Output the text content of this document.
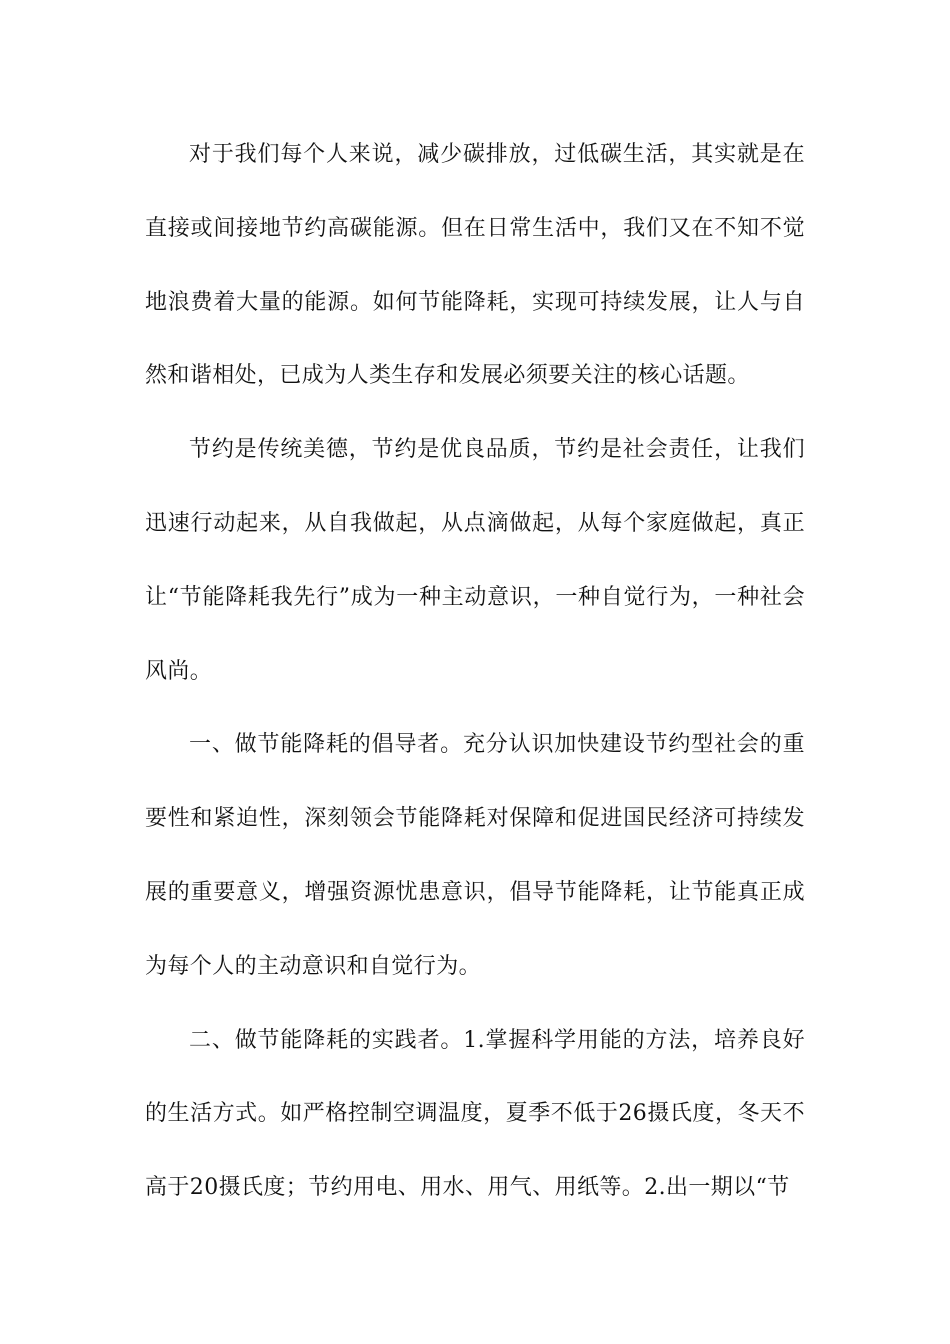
对于我们每个人来说，减少碳排放，过低碳生活，其实就是在直接或间接地节约高碳能源。但在日常生活中，我们又在不知不觉地浪费着大量的能源。如何节能降耗，实现可持续发展，让人与自然和谐相处，已成为人类生存和发展必须要关注的核心话题。

节约是传统美德，节约是优良品质，节约是社会责任，让我们迅速行动起来，从自我做起，从点滴做起，从每个家庭做起，真正让“节能降耗我先行”成为一种主动意识，一种自觉行为，一种社会风尚。

一、做节能降耗的倡导者。充分认识加快建设节约型社会的重要性和紧迫性，深刻领会节能降耗对保障和促进国民经济可持续发展的重要意义，增强资源忧患意识，倡导节能降耗，让节能真正成为每个人的主动意识和自觉行为。

二、做节能降耗的实践者。1.掌握科学用能的方法，培养良好的生活方式。如严格控制空调温度，夏季不低于26摄氏度，冬天不高于20摄氏度；节约用电、用水、用气、用纸等。2.出一期以“节
